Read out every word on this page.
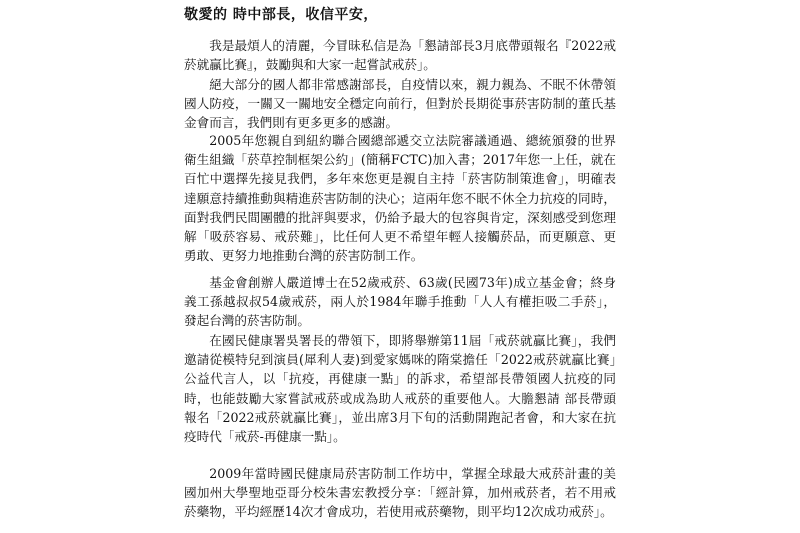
敬愛的 時中部長，收信平安，

我是最煩人的清麗，今冒昧私信是為「懇請部長3月底帶頭報名『2022戒菸就贏比賽』，鼓勵與和大家一起嘗試戒菸」。

絕大部分的國人都非常感謝部長，自疫情以來，親力親為、不眠不休帶領國人防疫，一關又一關地安全穩定向前行，但對於長期從事菸害防制的董氏基金會而言，我們則有更多更多的感謝。

2005年您親自到紐約聯合國總部遞交立法院審議通過、總統頒發的世界衛生組織「菸草控制框架公約」(簡稱FCTC)加入書；2017年您一上任，就在百忙中選擇先接見我們，多年來您更是親自主持「菸害防制策進會」，明確表達願意持續推動與精進菸害防制的決心；這兩年您不眠不休全力抗疫的同時，面對我們民間團體的批評與要求，仍給予最大的包容與肯定，深刻感受到您理解「吸菸容易、戒菸難」，比任何人更不希望年輕人接觸菸品，而更願意、更勇敢、更努力地推動台灣的菸害防制工作。

基金會創辦人嚴道博士在52歲戒菸、63歲(民國73年)成立基金會；終身義工孫越叔叔54歲戒菸，兩人於1984年聯手推動「人人有權拒吸二手菸」，發起台灣的菸害防制。

在國民健康署吳署長的帶領下，即將舉辦第11屆「戒菸就贏比賽」，我們邀請從模特兒到演員(犀利人妻)到愛家媽咪的隋棠擔任「2022戒菸就贏比賽」公益代言人，以「抗疫，再健康一點」的訴求，希望部長帶領國人抗疫的同時，也能鼓勵大家嘗試戒菸或成為助人戒菸的重要他人。大膽懇請 部長帶頭報名「2022戒菸就贏比賽」，並出席3月下旬的活動開跑記者會，和大家在抗疫時代「戒菸-再健康一點」。

2009年當時國民健康局菸害防制工作坊中，掌握全球最大戒菸計畫的美國加州大學聖地亞哥分校朱書宏教授分享：「經計算，加州戒菸者，若不用戒菸藥物，平均經歷14次才會成功，若使用戒菸藥物，則平均12次成功戒菸」。
